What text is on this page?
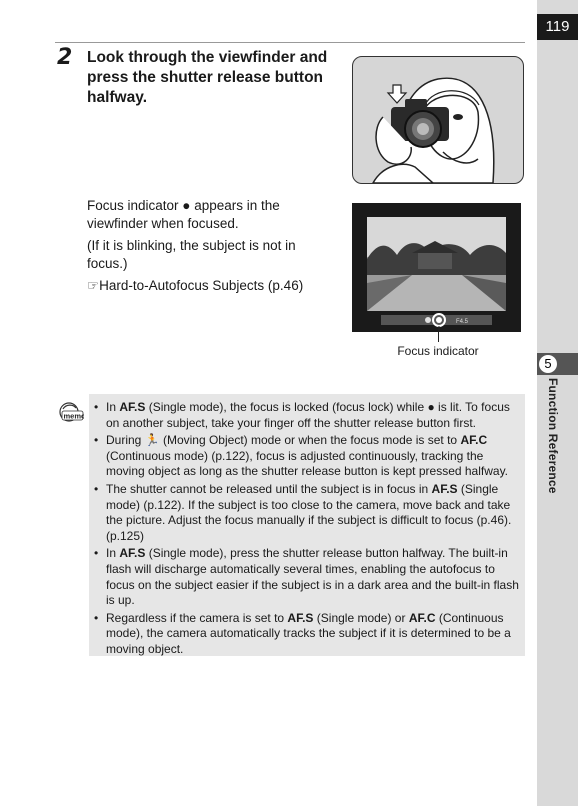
119
5
Function Reference
2 Look through the viewfinder and press the shutter release button halfway.

Focus indicator ● appears in the viewfinder when focused.

(If it is blinking, the subject is not in focus.)

☞Hard-to-Autofocus Subjects (p.46)

F4.5
Focus indicator
memo
• In AF.S (Single mode), the focus is locked (focus lock) while ● is lit. To focus on another subject, take your finger off the shutter release button first.
• During 🏃 (Moving Object) mode or when the focus mode is set to AF.C (Continuous mode) (p.122), focus is adjusted continuously, tracking the moving object as long as the shutter release button is kept pressed halfway.
• The shutter cannot be released until the subject is in focus in AF.S (Single mode) (p.122). If the subject is too close to the camera, move back and take the picture. Adjust the focus manually if the subject is difficult to focus (p.46). (p.125)
• In AF.S (Single mode), press the shutter release button halfway. The built-in flash will discharge automatically several times, enabling the autofocus to focus on the subject easier if the subject is in a dark area and the built-in flash is up.
• Regardless if the camera is set to AF.S (Single mode) or AF.C (Continuous mode), the camera automatically tracks the subject if it is determined to be a moving object.
